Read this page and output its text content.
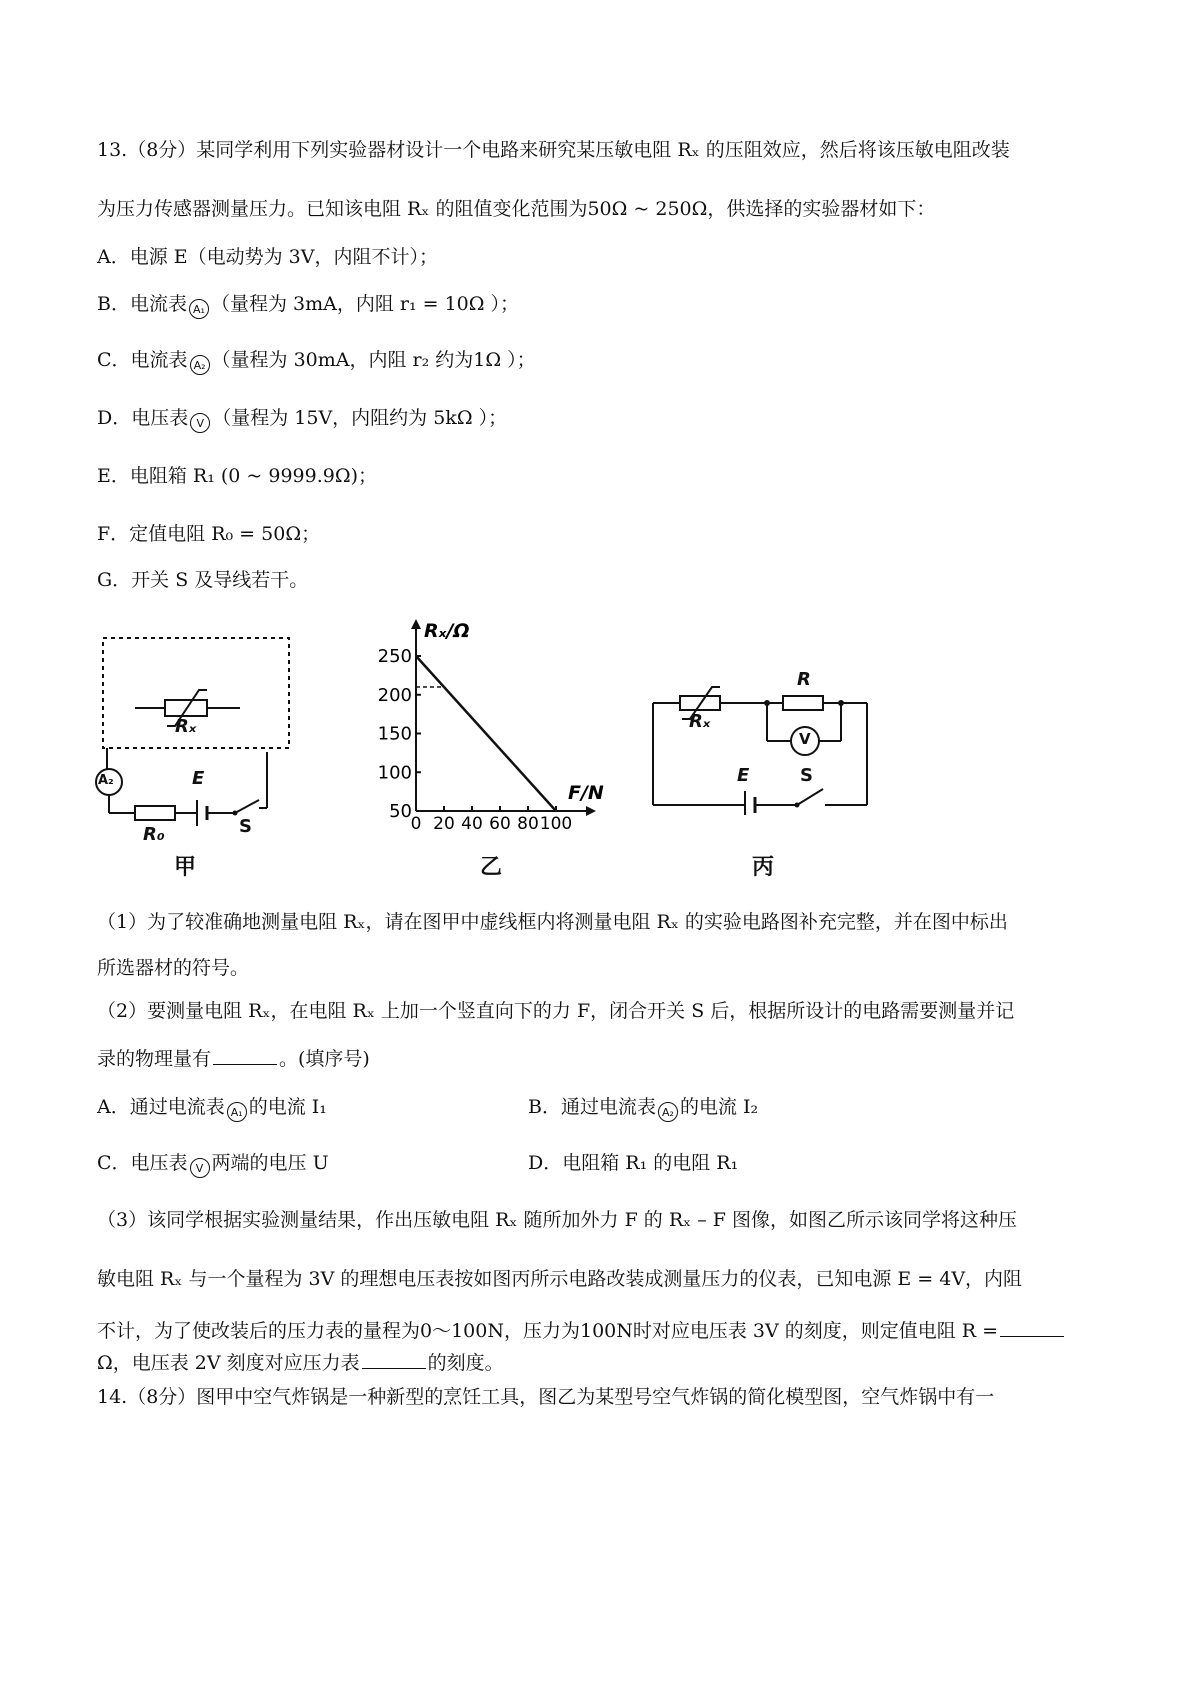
13.（8分）某同学利用下列实验器材设计一个电路来研究某压敏电阻 Rₓ 的压阻效应，然后将该压敏电阻改装
为压力传感器测量压力。已知该电阻 Rₓ 的阻值变化范围为50Ω ~ 250Ω，供选择的实验器材如下：
A．电源 E（电动势为 3V，内阻不计）；
B．电流表 A₁ （量程为 3mA，内阻 r₁ = 10Ω ）；
C．电流表 A₂ （量程为 30mA，内阻 r₂ 约为1Ω ）；
D．电压表 V （量程为 15V，内阻约为 5kΩ ）；
E．电阻箱 R₁ (0 ~ 9999.9Ω)；
F．定值电阻 R₀ = 50Ω；
G．开关 S 及导线若干。
Rₓ
A₂	E
R₀	S
甲
Rₓ/Ω
F/N
250
200
150
100
50
0 20 40 60 80 100
乙
Rₓ
R
V
E	S
丙
（1）为了较准确地测量电阻 Rₓ，请在图甲中虚线框内将测量电阻 Rₓ 的实验电路图补充完整，并在图中标出
所选器材的符号。
（2）要测量电阻 Rₓ，在电阻 Rₓ 上加一个竖直向下的力 F，闭合开关 S 后，根据所设计的电路需要测量并记
录的物理量有	。(填序号)
A．通过电流表 A₁ 的电流 I₁	B．通过电流表 A₂ 的电流 I₂
C．电压表 V 两端的电压 U	D．电阻箱 R₁ 的电阻 R₁
（3）该同学根据实验测量结果，作出压敏电阻 Rₓ 随所加外力 F 的 Rₓ – F 图像，如图乙所示该同学将这种压
敏电阻 Rₓ 与一个量程为 3V 的理想电压表按如图丙所示电路改装成测量压力的仪表，已知电源 E = 4V，内阻
不计，为了使改装后的压力表的量程为0～100N，压力为100N时对应电压表 3V 的刻度，则定值电阻 R =
Ω，电压表 2V 刻度对应压力表	的刻度。
14.（8分）图甲中空气炸锅是一种新型的烹饪工具，图乙为某型号空气炸锅的简化模型图，空气炸锅中有一
